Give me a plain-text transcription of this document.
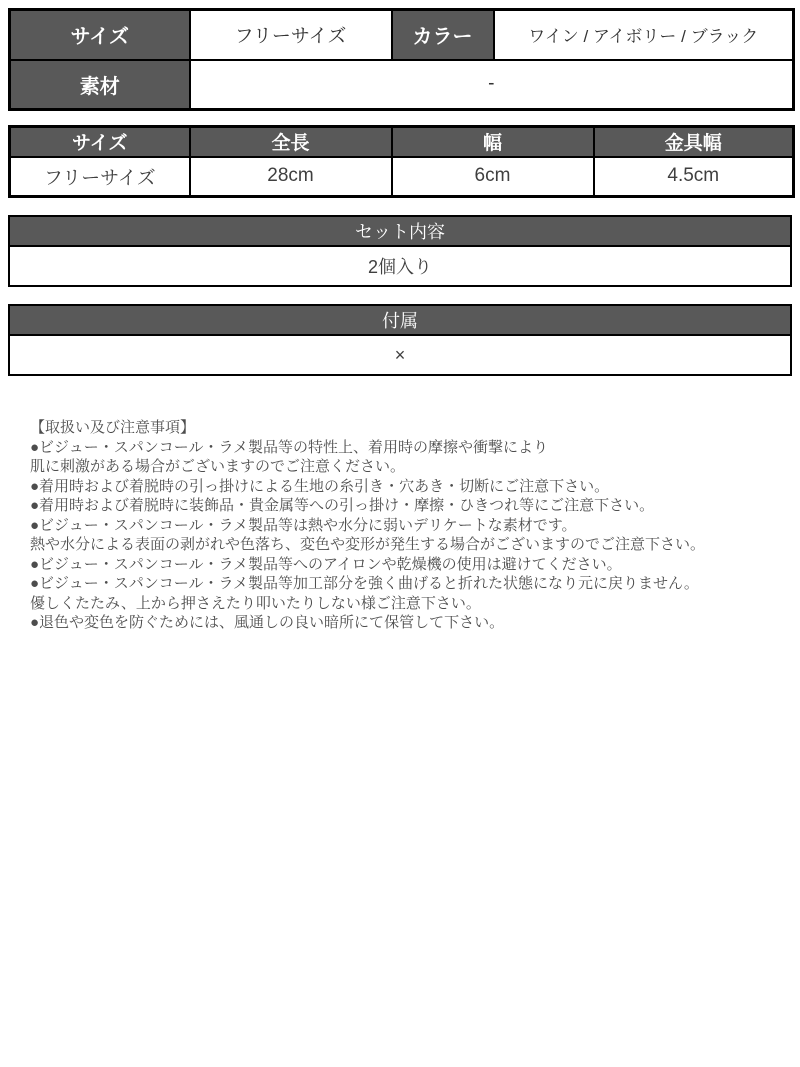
サイズ	フリーサイズ	カラー	ワイン / アイボリー / ブラック
素材	-		
サイズ	全長	幅	金具幅
フリーサイズ	28cm	6cm	4.5cm
セット内容
2個入り
付属
×
【取扱い及び注意事項】
●ビジュー・スパンコール・ラメ製品等の特性上、着用時の摩擦や衝撃により
肌に刺激がある場合がございますのでご注意ください。
●着用時および着脱時の引っ掛けによる生地の糸引き・穴あき・切断にご注意下さい。
●着用時および着脱時に装飾品・貴金属等への引っ掛け・摩擦・ひきつれ等にご注意下さい。
●ビジュー・スパンコール・ラメ製品等は熱や水分に弱いデリケートな素材です。
熱や水分による表面の剥がれや色落ち、変色や変形が発生する場合がございますのでご注意下さい。
●ビジュー・スパンコール・ラメ製品等へのアイロンや乾燥機の使用は避けてください。
●ビジュー・スパンコール・ラメ製品等加工部分を強く曲げると折れた状態になり元に戻りません。
優しくたたみ、上から押さえたり叩いたりしない様ご注意下さい。
●退色や変色を防ぐためには、風通しの良い暗所にて保管して下さい。
